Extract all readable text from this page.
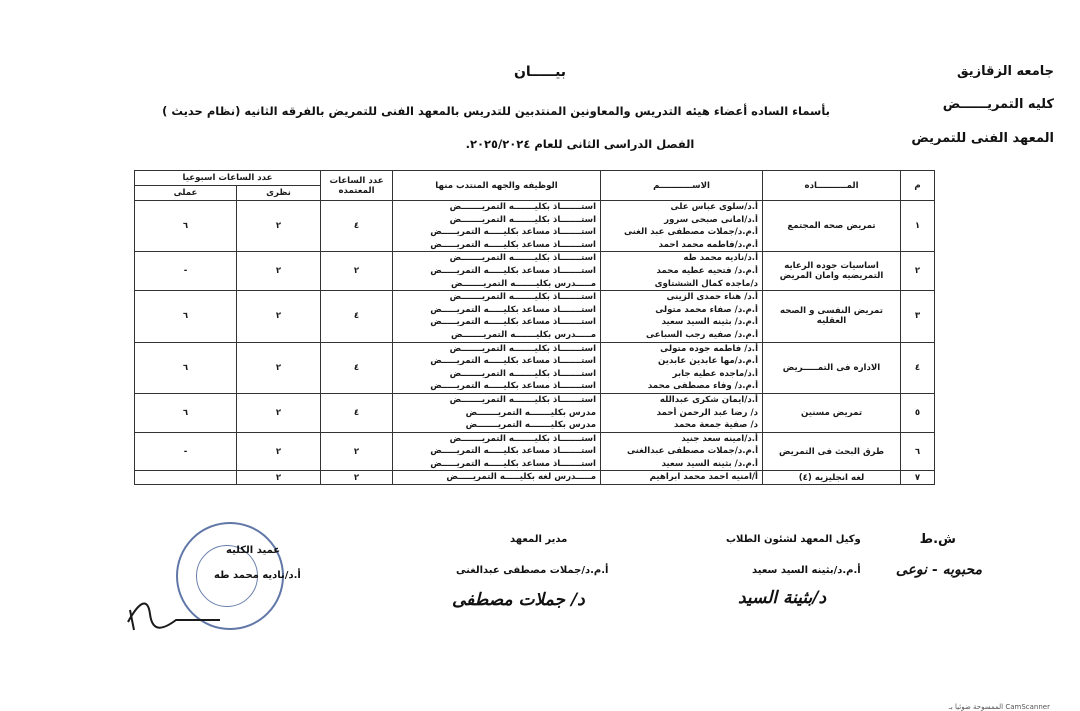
جامعه الزقازيق
كليه التمريــــــض
المعهد الفنى للتمريض
بيـــــان
بأسماء الساده أعضاء هيئه التدريس والمعاونين المنتدبين للتدريس بالمعهد الفنى للتمريض بالفرقه الثانيه (نظام حديث )
الفصل الدراسى الثانى للعام ٢٠٢٥/٢٠٢٤.
م	المــــــــــاده	الاســـــــــــم	الوظيفه والجهه المنتدب منها	عدد الساعات المعتمده	عدد الساعات اسبوعيا	
					نظرى	عملى
١	تمريض صحه المجتمع	أ.د/سلوى عباس على
أ.د/امانى صبحى سرور
أ.م.د/جملات مصطفى عبد الغنى
أ.م.د/فاطمه محمد احمد	استـــــــاذ بكليـــــــه التمريـــــــض
استـــــــاذ بكليـــــــه التمريـــــــض
استـــــــاذ مساعد بكليـــــه التمريـــــض
استـــــــاذ مساعد بكليـــــه التمريـــــض	٤	٢	٦
٢	اساسيات جوده الرعايه التمريضيه وامان المريض	أ.د/ناديه محمد طه
أ.م.د/ فتحيه عطيه محمد
د/ماجده كمال الششتاوى	استـــــــاذ بكليـــــــه التمريـــــــض
استـــــــاذ مساعد بكليـــــه التمريـــــض
مـــــدرس بكليـــــــه التمريـــــــض	٢	٢	-
٣	تمريض النفسى و الصحه العقليه	أ.د/ هناء حمدى الزينى
أ.م.د/ صفاء محمد متولى
أ.م.د/ بثينه السيد سعيد
أ.م.د/ صفيه رجب السباعى	استـــــــاذ بكليـــــــه التمريـــــــض
استـــــــاذ مساعد بكليـــــه التمريـــــض
استـــــــاذ مساعد بكليـــــه التمريـــــض
مـــــدرس بكليـــــــه التمريـــــــض	٤	٢	٦
٤	الاداره فى التمـــــريض	أ.د/ فاطمه جوده متولى
أ.م.د/مها عابدين عابدين
أ.د/ماجده عطيه جابر
أ.م.د/ وفاء مصطفى محمد	استـــــــاذ بكليـــــــه التمريـــــــض
استـــــــاذ مساعد بكليـــــه التمريـــــض
استـــــــاذ بكليـــــــه التمريـــــــض
استـــــــاذ مساعد بكليـــــه التمريـــــض	٤	٢	٦
٥	تمريض مسنين	أ.د/ايمان شكرى عبدالله
د/ رضا عبد الرحمن أحمد
د/ صفية جمعة محمد	استـــــــاذ بكليـــــــه التمريـــــــض
مدرس بكليـــــــه التمريـــــــض
مدرس بكليـــــــه التمريـــــــض	٤	٢	٦
٦	طرق البحث فى التمريض	أ.د/امينه سعد جنيد
أ.م.د/جملات مصطفى عبدالغنى
أ.م.د/ بثينه السيد سعيد	استـــــــاذ بكليـــــــه التمريـــــــض
استـــــــاذ مساعد بكليـــــه التمريـــــض
استـــــــاذ مساعد بكليـــــه التمريـــــض	٢	٢	-
٧	لغه انجليزيه (٤)	أ/امنيه احمد محمد ابراهيم	مـــــدرس لغه بكليـــــه التمريـــــض	٢	٢	
ش.ط
محبوبه - نوعى
وكيل المعهد لشئون الطلاب
أ.م.د/بثينه السيد سعيد
د/بثينة السيد
مدير المعهد
أ.م.د/جملات مصطفى عبدالغنى
د/ جملات مصطفى
عميد الكليه
أ.د/ناديه محمد طه
الممسوحة ضوئيا بـ CamScanner
